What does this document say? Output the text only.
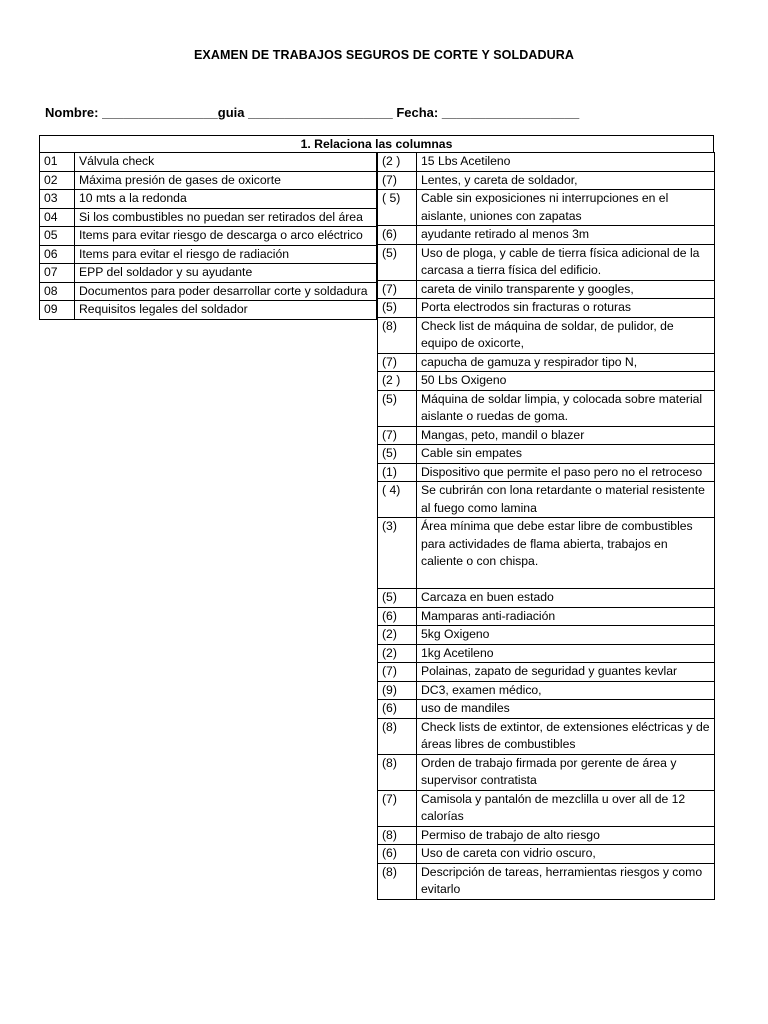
EXAMEN DE TRABAJOS SEGUROS DE CORTE Y SOLDADURA
Nombre: ________________guia ____________________ Fecha: ___________________
1. Relaciona las columnas
01	Válvula check
02	Máxima presión de gases de oxicorte
03	10 mts a la redonda
04	Si los combustibles no puedan ser retirados del área
05	Items para evitar riesgo de descarga o arco eléctrico
06	Items para evitar el riesgo de radiación
07	EPP del soldador y su ayudante
08	Documentos para poder desarrollar corte y soldadura
09	Requisitos legales del soldador
(2 )	15 Lbs Acetileno
(7)	Lentes, y careta de soldador,
( 5)	Cable sin exposiciones ni interrupciones en el aislante, uniones con zapatas
(6)	ayudante retirado al menos 3m
(5)	Uso de ploga, y cable de tierra física adicional de la carcasa a tierra física del edificio.
(7)	careta de vinilo transparente y googles,
(5)	Porta electrodos sin fracturas o roturas
(8)	Check list de máquina de soldar, de pulidor, de equipo de oxicorte,
(7)	capucha de gamuza y respirador tipo N,
(2 )	50 Lbs Oxigeno
(5)	Máquina de soldar limpia, y colocada sobre material aislante o ruedas de goma.
(7)	Mangas, peto, mandil o blazer
(5)	Cable sin empates
(1)	Dispositivo que permite el paso pero no el retroceso
( 4)	Se cubrirán con lona retardante o material resistente al fuego como lamina
(3)	Área mínima que debe estar libre de combustibles para actividades de flama abierta, trabajos en caliente o con chispa.
(5)	Carcaza en buen estado
(6)	Mamparas anti-radiación
(2)	5kg Oxigeno
(2)	1kg Acetileno
(7)	Polainas, zapato de seguridad y guantes kevlar
(9)	DC3, examen médico,
(6)	uso de mandiles
(8)	Check lists de extintor, de extensiones eléctricas y de áreas libres de combustibles
(8)	Orden de trabajo firmada por gerente de área y supervisor contratista
(7)	Camisola y pantalón de mezclilla u over all de 12 calorías
(8)	Permiso de trabajo de alto riesgo
(6)	Uso de careta con vidrio oscuro,
(8)	Descripción de tareas, herramientas riesgos y como evitarlo
